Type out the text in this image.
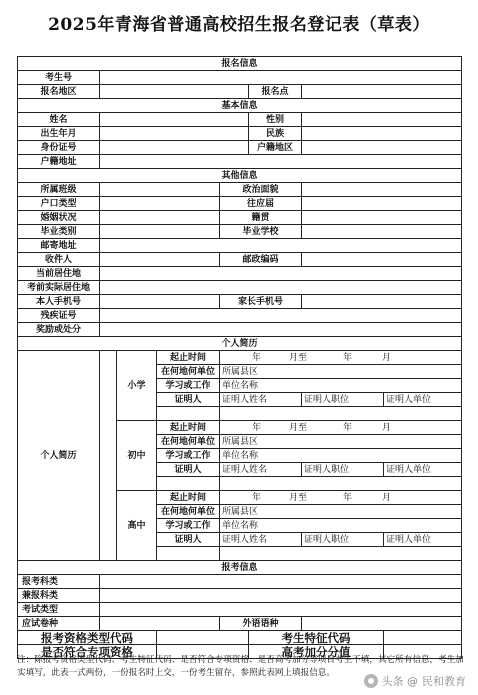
2025年青海省普通高校招生报名登记表（草表）
报名信息							
考生号							
报名地区					报名点		
基本信息							
姓名					性别		
出生年月					民族		
身份证号					户籍地区		
户籍地址							
其他信息							
所属班级				政治面貌			
户口类型				往应届			
婚姻状况				籍贯			
毕业类别				毕业学校			
邮寄地址							
收件人				邮政编码			
当前居住地							
考前实际居住地							
本人手机号				家长手机号			
残疾证号							
奖励或处分							
个人简历							
个人简历		小学	起止时间	年 月至 年 月			
			在何地何单位	所属县区			
			学习或工作	单位名称			
			证明人	证明人姓名		证明人职位	证明人单位

		初中	起止时间	年 月至 年 月			
			在何地何单位	所属县区			
			学习或工作	单位名称			
			证明人	证明人姓名		证明人职位	证明人单位

		高中	起止时间	年 月至 年 月			
			在何地何单位	所属县区			
			学习或工作	单位名称			
			证明人	证明人姓名		证明人职位	证明人单位

报考信息							
报考科类							
兼报科类							
考试类型							
应试卷种				外语语种			
报考资格类型代码					考生特征代码		
是否符合专项资格					高考加分分值		
注：除报考资格类型代码、考生特征代码、是否符合专项资格、是否高考加分等项目考生不填，其它所有信息，考生加实填写，此表一式两份，一份报名时上交，一份考生留存，参照此表网上填报信息。
头条 @ 民和教育
